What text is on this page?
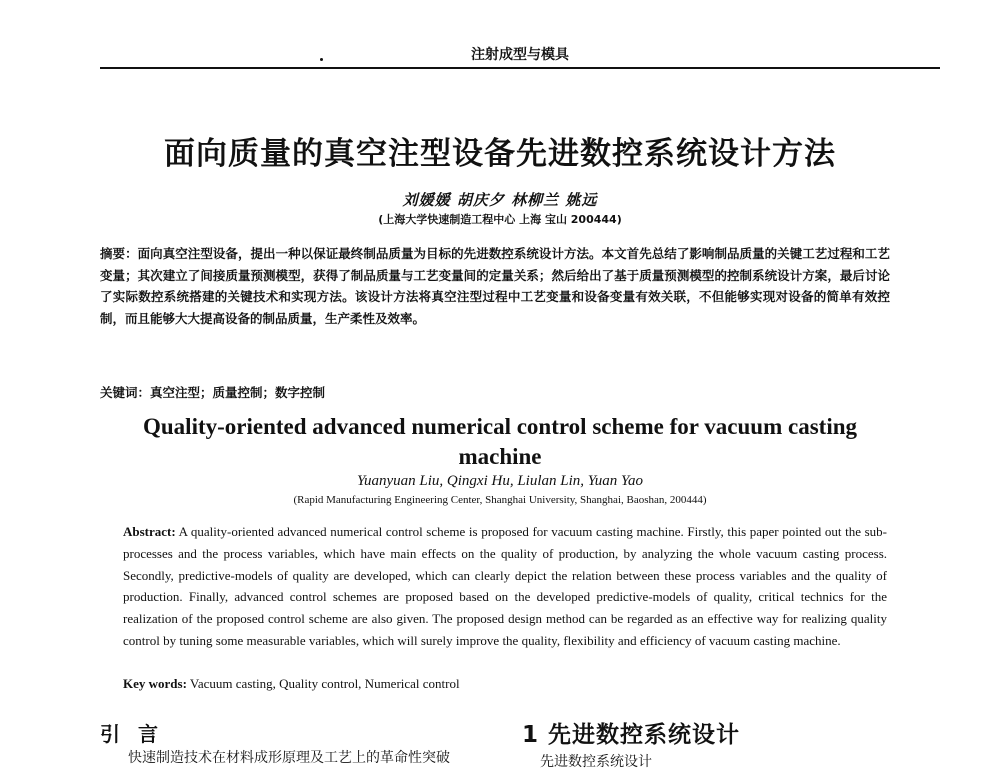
注射成型与模具
面向质量的真空注型设备先进数控系统设计方法
刘媛媛 胡庆夕 林柳兰 姚远
(上海大学快速制造工程中心 上海 宝山 200444)
摘要：面向真空注型设备，提出一种以保证最终制品质量为目标的先进数控系统设计方法。本文首先总结了影响制品质量的关键工艺过程和工艺变量；其次建立了间接质量预测模型，获得了制品质量与工艺变量间的定量关系；然后给出了基于质量预测模型的控制系统设计方案，最后讨论了实际数控系统搭建的关键技术和实现方法。该设计方法将真空注型过程中工艺变量和设备变量有效关联，不但能够实现对设备的简单有效控制，而且能够大大提高设备的制品质量，生产柔性及效率。
关键词：真空注型；质量控制；数字控制
Quality-oriented advanced numerical control scheme for vacuum casting machine
Yuanyuan Liu, Qingxi Hu, Liulan Lin, Yuan Yao
(Rapid Manufacturing Engineering Center, Shanghai University, Shanghai, Baoshan, 200444)
Abstract: A quality-oriented advanced numerical control scheme is proposed for vacuum casting machine. Firstly, this paper pointed out the sub-processes and the process variables, which have main effects on the quality of production, by analyzing the whole vacuum casting process. Secondly, predictive-models of quality are developed, which can clearly depict the relation between these process variables and the quality of production. Finally, advanced control schemes are proposed based on the developed predictive-models of quality, critical technics for the realization of the proposed control scheme are also given. The proposed design method can be regarded as an effective way for realizing quality control by tuning some measurable variables, which will surely improve the quality, flexibility and efficiency of vacuum casting machine.
Key words: Vacuum casting, Quality control, Numerical control
引言	1 先进数控系统设计
快速制造技术在材料成形原理及工艺上的革命性突破	先进数控系统设计
